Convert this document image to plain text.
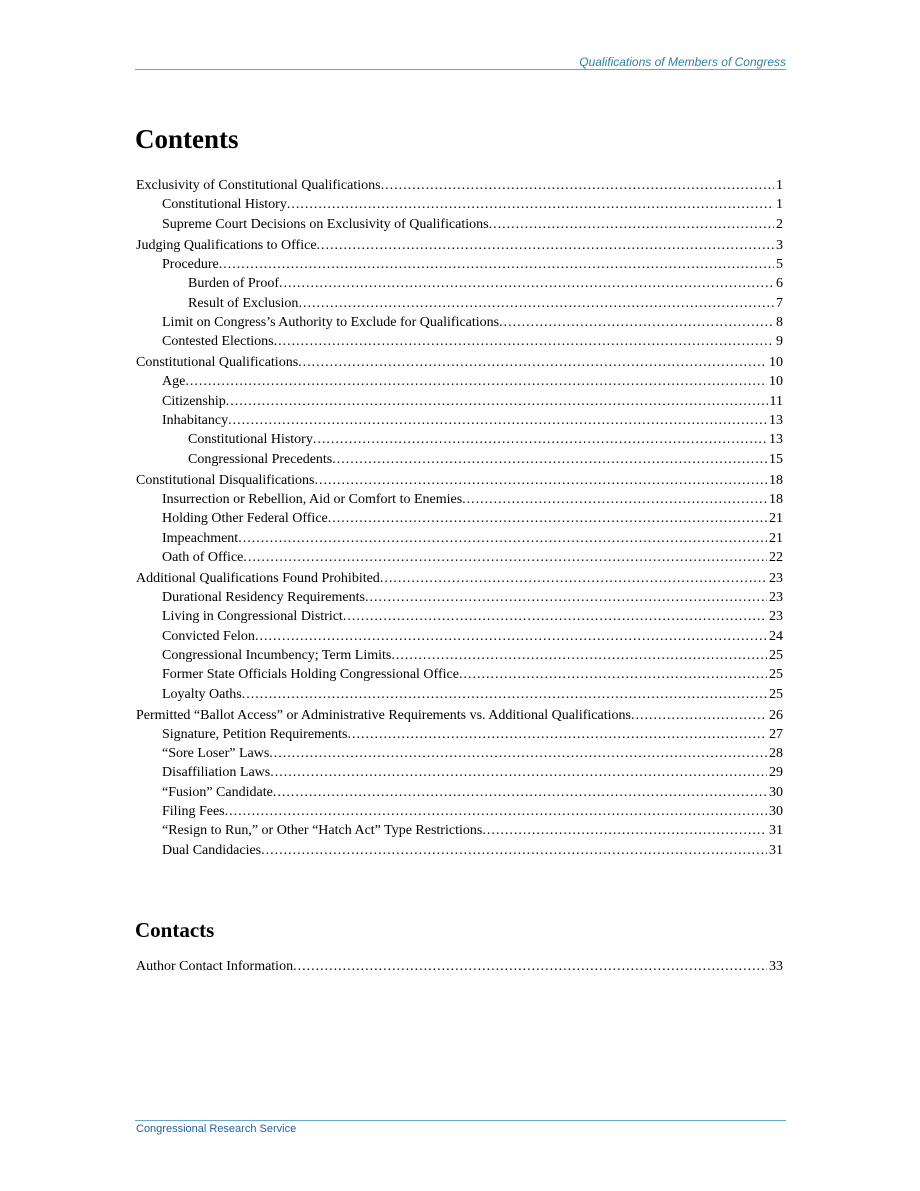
Qualifications of Members of Congress
Contents
Exclusivity of Constitutional Qualifications .....	1
Constitutional History .....	1
Supreme Court Decisions on Exclusivity of Qualifications .....	2
Judging Qualifications to Office .....	3
Procedure .....	5
Burden of Proof .....	6
Result of Exclusion .....	7
Limit on Congress’s Authority to Exclude for Qualifications .....	8
Contested Elections .....	9
Constitutional Qualifications .....	10
Age .....	10
Citizenship .....	11
Inhabitancy .....	13
Constitutional History .....	13
Congressional Precedents .....	15
Constitutional Disqualifications .....	18
Insurrection or Rebellion, Aid or Comfort to Enemies .....	18
Holding Other Federal Office .....	21
Impeachment .....	21
Oath of Office .....	22
Additional Qualifications Found Prohibited .....	23
Durational Residency Requirements .....	23
Living in Congressional District .....	23
Convicted Felon .....	24
Congressional Incumbency; Term Limits .....	25
Former State Officials Holding Congressional Office .....	25
Loyalty Oaths .....	25
Permitted “Ballot Access” or Administrative Requirements vs. Additional Qualifications .....	26
Signature, Petition Requirements .....	27
“Sore Loser” Laws .....	28
Disaffiliation Laws .....	29
“Fusion” Candidate .....	30
Filing Fees .....	30
“Resign to Run,” or Other “Hatch Act” Type Restrictions .....	31
Dual Candidacies .....	31
Contacts
Author Contact Information .....	33
Congressional Research Service
